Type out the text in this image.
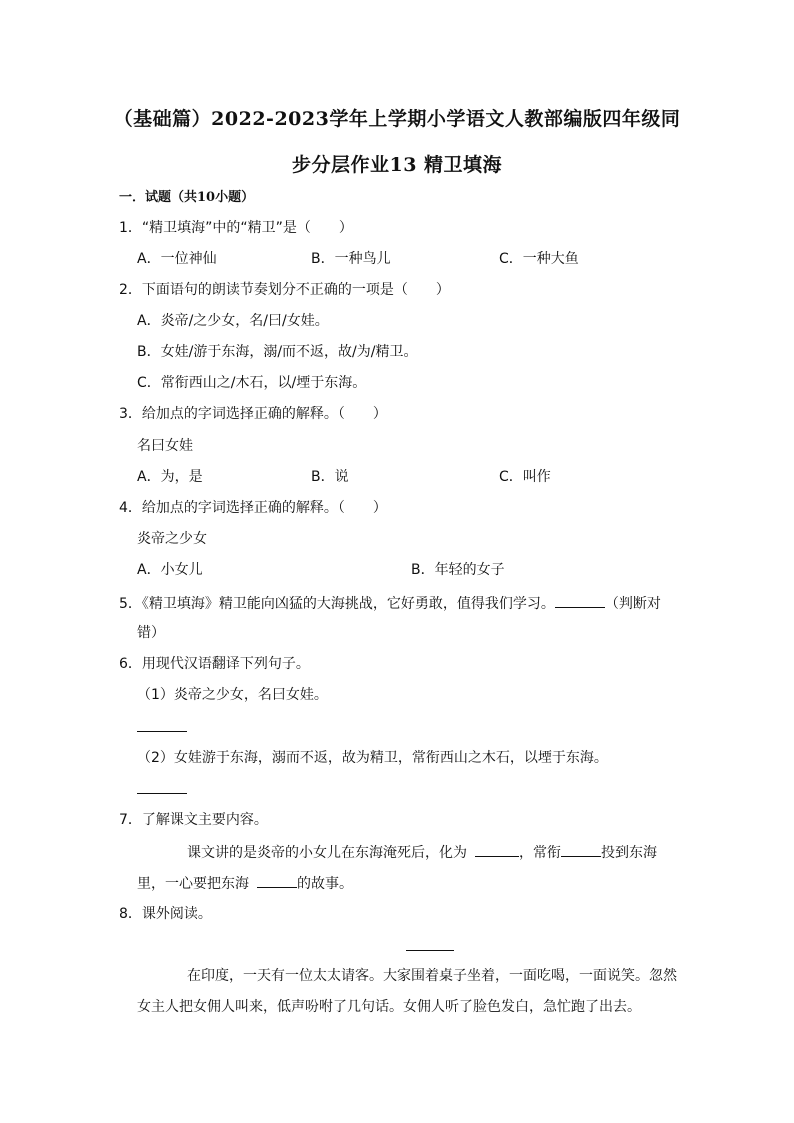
（基础篇）2022-2023学年上学期小学语文人教部编版四年级同
步分层作业13 精卫填海
一．试题（共10小题）
1．“精卫填海”中的“精卫”是（　　）
A．一位神仙	B．一种鸟儿	C．一种大鱼
2．下面语句的朗读节奏划分不正确的一项是（　　）
A．炎帝/之少女，名/曰/女娃。
B．女娃/游于东海，溺/而不返，故/为/精卫。
C．常衔西山之/木石，以/堙于东海。
3．给加点的字词选择正确的解释。（　　）
名曰女娃
A．为，是	B．说	C．叫作
4．给加点的字词选择正确的解释。（　　）
炎帝之少女
A．小女儿	B．年轻的女子
5．《精卫填海》精卫能向凶猛的大海挑战，它好勇敢，值得我们学习。	（判断对
错）
6．用现代汉语翻译下列句子。
（1）炎帝之少女，名曰女娃。
（2）女娃游于东海，溺而不返，故为精卫，常衔西山之木石，以堙于东海。
7．了解课文主要内容。
课文讲的是炎帝的小女儿在东海淹死后，化为	，常衔	投到东海
里，一心要把东海	的故事。
8．课外阅读。
在印度，一天有一位太太请客。大家围着桌子坐着，一面吃喝，一面说笑。忽然
女主人把女佣人叫来，低声吩咐了几句话。女佣人听了脸色发白，急忙跑了出去。
